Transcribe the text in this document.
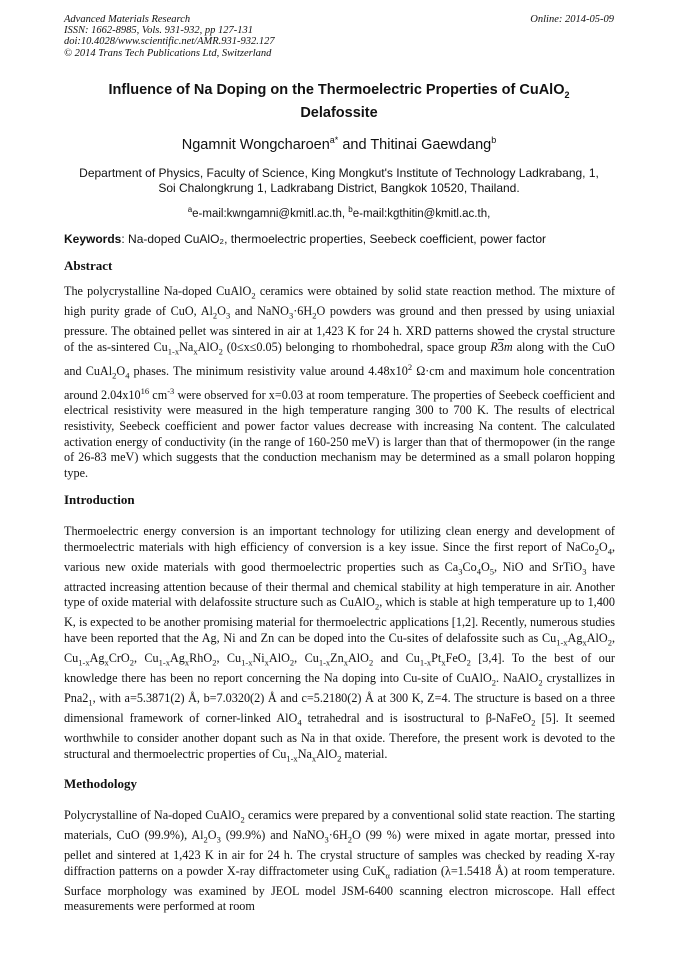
Advanced Materials Research
ISSN: 1662-8985, Vols. 931-932, pp 127-131
doi:10.4028/www.scientific.net/AMR.931-932.127
© 2014 Trans Tech Publications Ltd, Switzerland
Online: 2014-05-09
Influence of Na Doping on the Thermoelectric Properties of CuAlO$_2$
Delafossite
Ngamnit Wongcharoen$^{a*}$ and Thitinai Gaewdang$^b$
Department of Physics, Faculty of Science, King Mongkut's Institute of Technology Ladkrabang, 1,
Soi Chalongkrung 1, Ladkrabang District, Bangkok 10520, Thailand.
$^a$e-mail:kwngamni@kmitl.ac.th, $^b$e-mail:kgthitin@kmitl.ac.th,
Keywords: Na-doped CuAlO₂, thermoelectric properties, Seebeck coefficient, power factor
Abstract

The polycrystalline Na-doped CuAlO$_2$ ceramics were obtained by solid state reaction method. The mixture of high purity grade of CuO, $Al_2O_3$ and $NaNO_3\cdot 6H_2O$ powders was ground and then pressed by using uniaxial pressure. The obtained pellet was sintered in air at 1,423 K for 24 h. XRD patterns showed the crystal structure of the as-sintered $Cu_{1-x}Na_xAlO_2$ (0≤x≤0.05) belonging to rhombohedral, space group R3m along with the CuO and $CuAl_2O_4$ phases. The minimum resistivity value around $4.48x10^2$ Ω·cm and maximum hole concentration around $2.04x10^{16}$ $cm^{-3}$ were observed for x=0.03 at room temperature. The properties of Seebeck coefficient and electrical resistivity were measured in the high temperature ranging 300 to 700 K. The results of electrical resistivity, Seebeck coefficient and power factor values decrease with increasing Na content. The calculated activation energy of conductivity (in the range of 160-250 meV) is larger than that of thermopower (in the range of 26-83 meV) which suggests that the conduction mechanism may be determined as a small polaron hopping type.

Introduction

Thermoelectric energy conversion is an important technology for utilizing clean energy and development of thermoelectric materials with high efficiency of conversion is a key issue. Since the first report of $NaCo_2O_4$, various new oxide materials with good thermoelectric properties such as $Ca_3Co_4O_5$, NiO and SrTiO$_3$ have attracted increasing attention because of their thermal and chemical stability at high temperature in air. Another type of oxide material with delafossite structure such as CuAlO$_2$, which is stable at high temperature up to 1,400 K, is expected to be another promising material for thermoelectric applications [1,2]. Recently, numerous studies have been reported that the Ag, Ni and Zn can be doped into the Cu-sites of delafossite such as $Cu_{1-x}Ag_xAlO_2$, $Cu_{1-x}Ag_xCrO_2$, $Cu_{1-x}Ag_xRhO_2$, $Cu_{1-x}Ni_xAlO_2$, $Cu_{1-x}Zn_xAlO_2$ and $Cu_{1-x}Pt_xFeO_2$ [3,4]. To the best of our knowledge there has been no report concerning the Na doping into Cu-site of CuAlO$_2$. NaAlO$_2$ crystallizes in $Pna2_1$, with a=5.3871(2) Å, b=7.0320(2) Å and c=5.2180(2) Å at 300 K, Z=4. The structure is based on a three dimensional framework of corner-linked AlO$_4$ tetrahedral and is isostructural to β-NaFeO$_2$ [5]. It seemed worthwhile to consider another dopant such as Na in that oxide. Therefore, the present work is devoted to the structural and thermoelectric properties of $Cu_{1-x}Na_xAlO_2$ material.

Methodology

Polycrystalline of Na-doped CuAlO$_2$ ceramics were prepared by a conventional solid state reaction. The starting materials, CuO (99.9%), $Al_2O_3$ (99.9%) and $NaNO_3\cdot 6H_2O$ (99 %) were mixed in agate mortar, pressed into pellet and sintered at 1,423 K in air for 24 h. The crystal structure of samples was checked by reading X-ray diffraction patterns on a powder X-ray diffractometer using CuK$_\alpha$ radiation (λ=1.5418 Å) at room temperature. Surface morphology was examined by JEOL model JSM-6400 scanning electron microscope. Hall effect measurements were performed at room
